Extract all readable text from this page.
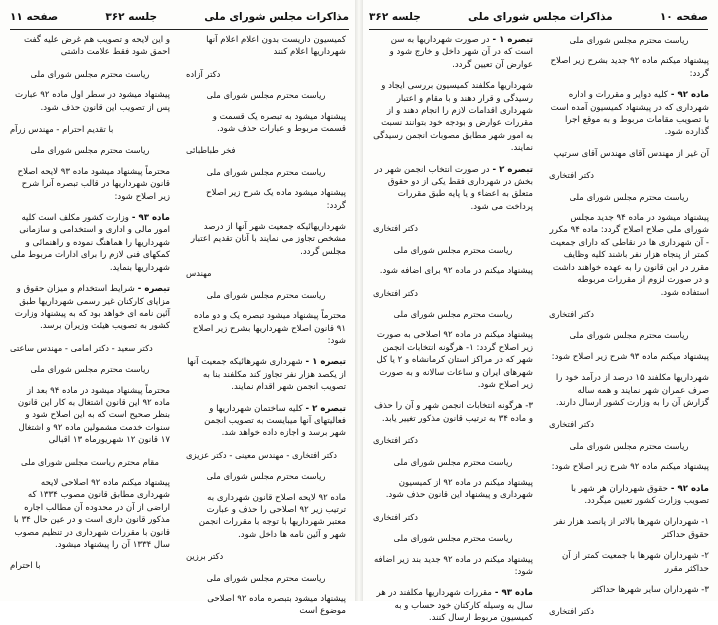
مذاکرات مجلس شورای ملی
جلسه ۳۶۲
صفحه ۱۱

و این لایحه و تصویب هم غرض علیه گفت احمق شود فقط علامت داشتی

ریاست محترم مجلس شورای ملی

پیشنهاد میشود در سطر اول ماده ۹۲ عبارت پس از تصویب این قانون حذف شود.

با تقدیم احترام - مهندس زرآم

ریاست محترم مجلس شورای ملی

محترماً پیشنهاد میشود ماده ۹۳ لایحه اصلاح قانون شهرداریها در قالب تبصره آنرا شرح زیر اصلاح شود:

ماده ۹۳ - وزارت کشور مکلف است کلیه امور مالی و اداری و استخدامی و سازمانی شهرداریها را هماهنگ نموده و راهنمائی و کمکهای فنی لازم را برای ادارات مربوط ملی شهرداریها بنماید.

تبصره - شرایط استخدام و میزان حقوق و مزایای کارکنان غیر رسمی شهرداریها طبق آئین نامه ای خواهد بود که به پیشنهاد وزارت کشور به تصویب هیئت وزیران برسد.

دکتر سعید - دکتر امامی - مهندس ساعتی

ریاست محترم مجلس شورای ملی

محترماً پیشنهاد میشود در ماده ۹۴ بعد از ماده ۹۲ این قانون اشتغال به کار این قانون بنظر صحیح است که به این اصلاح شود و سنوات خدمت مشمولین ماده ۹۲ و اشتغال ۱۷ قانون ۱۲ شهریورماه ۱۳ اقبالی

مقام محترم ریاست مجلس شورای ملی

پیشنهاد میکنم ماده ۹۲ اصلاحی لایحه شهرداری مطابق قانون مصوب ۱۳۳۴ که اراضی از آن در محدوده آن مطالب اجاره مذکور قانون داری است و در عین حال ۳۴ با قانون با مقررات شهرداری در تنظیم مصوب سال ۱۳۳۴ آن را پیشنهاد میشود.

با احترام

کمیسیون داریست بدون اعلام اعلام آنها شهرداریها اعلام کنند

دکتر آزاده

ریاست محترم مجلس شورای ملی

پیشنهاد میشود به تبصره یک قسمت و قسمت مربوط و عبارات حذف شود.

فخر طباطبائی

ریاست محترم مجلس شورای ملی

پیشنهاد میشود ماده یک شرح زیر اصلاح گردد:

شهرداریهائیکه جمعیت شهر آنها از درصد مشخص تجاوز می نمایند با آنان تقدیم اعتبار مجلس گردد.

مهندس

ریاست محترم مجلس شورای ملی

محترماً پیشنهاد میشود تبصره یک و دو ماده ۹۱ قانون اصلاح شهرداریها بشرح زیر اصلاح شود:

تبصره ۱ - شهرداری شهرهائیکه جمعیت آنها از یکصد هزار نفر تجاوز کند مکلفند بنا به تصویب انجمن شهر اقدام نمایند.

تبصره ۲ - کلیه ساختمان شهرداریها و فعالیتهای آنها میبایست به تصویب انجمن شهر برسد و اجازه داده خواهد شد.

دکتر افتخاری - مهندس معینی - دکتر عزیزی

ریاست محترم مجلس شورای ملی

ماده ۹۲ لایحه اصلاح قانون شهرداری به ترتیب زیر ۹۲ اصلاحی را حذف و عبارت معتبر شهرداریها با توجه با مقررات انجمن شهر و آئین نامه ها داخل شود.

دکتر برزین

ریاست محترم مجلس شورای ملی

پیشنهاد میشود بتبصره ماده ۹۲ اصلاحی موضوع است

صفحه ۱۰
مذاکرات مجلس شورای ملی
جلسه ۳۶۲

تبصره ۱ - در صورت شهرداریها به سن است که در آن شهر داخل و خارج شود و عوارض آن تعیین گردد.

شهرداریها مکلفند کمیسیون بررسی ایجاد و رسیدگی و قرار دهند و با مقام و اعتبار شهرداری اقدامات لازم را انجام دهند و از مقررات عوارض و بودجه خود بتوانند نسبت به امور شهر مطابق مصوبات انجمن رسیدگی نمایند.

تبصره ۲ - در صورت انتخاب انجمن شهر در بخش در شهرداری فقط یکی از دو حقوق متعلق به اعضاء و یا پایه طبق مقررات پرداخت می شود.

دکتر افتخاری

ریاست محترم مجلس شورای ملی

پیشنهاد میکنم در ماده ۹۲ برای اضافه شود.

دکتر افتخاری

ریاست محترم مجلس شورای ملی

پیشنهاد میکنم در ماده ۹۲ اصلاحی به صورت زیر اصلاح گردد: ۱- هرگونه انتخابات انجمن شهر که در مراکز استان کرمانشاه و ۲ یا کل شهرهای ایران و ساعات سالانه و به صورت زیر اصلاح شود.

۳- هرگونه انتخابات انجمن شهر و آن را حذف و ماده ۳۴ به ترتیب قانون مذکور تغییر یابد.

دکتر افتخاری

ریاست محترم مجلس شورای ملی

پیشنهاد میکنم در ماده ۹۲ از کمیسیون شهرداری و پیشنهاد این قانون حذف شود.

دکتر افتخاری

ریاست محترم مجلس شورای ملی

پیشنهاد میکنم در ماده ۹۲ جدید بند زیر اضافه شود:

ماده ۹۳ - مقررات شهرداریها مکلفند در هر سال به وسیله کارکنان خود حساب و به کمیسیون مربوط ارسال کنند.

ریاست محترم مجلس شورای ملی

پیشنهاد میکنم ماده ۹۲ جدید بشرح زیر اصلاح گردد:

ماده ۹۲ - کلیه دوایر و مقررات و اداره شهرداری که در پیشنهاد کمیسیون آمده است با تصویب مقامات مربوط و به موقع اجرا گذارده شود.

آن غیر از مهندس آقای مهندس آقای سرتیپ

دکتر افتخاری

ریاست محترم مجلس شورای ملی

پیشنهاد میشود در ماده ۹۴ جدید مجلس شورای ملی صلاح اصلاح گردد: ماده ۹۴ مکرر - آن شهرداری ها در نقاطی که دارای جمعیت کمتر از پنجاه هزار نفر باشند کلیه وظایف مقرر در این قانون را به عهده خواهند داشت و در صورت لزوم از مقررات مربوطه استفاده شود.

دکتر افتخاری

ریاست محترم مجلس شورای ملی

پیشنهاد میکنم ماده ۹۳ شرح زیر اصلاح شود:

شهرداریها مکلفند ۱۵ درصد از درآمد خود را صرف عمران شهر نمایند و همه ساله گزارش آن را به وزارت کشور ارسال دارند.

دکتر افتخاری

ریاست محترم مجلس شورای ملی

پیشنهاد میکنم ماده ۹۲ شرح زیر اصلاح شود:

ماده ۹۲ - حقوق شهرداران هر شهر با تصویب وزارت کشور تعیین میگردد.

۱- شهرداران شهرها بالاتر از پانصد هزار نفر حقوق حداکثر

۲- شهرداران شهرها با جمعیت کمتر از آن حداکثر مقرر

۳- شهرداران سایر شهرها حداکثر

دکتر افتخاری
